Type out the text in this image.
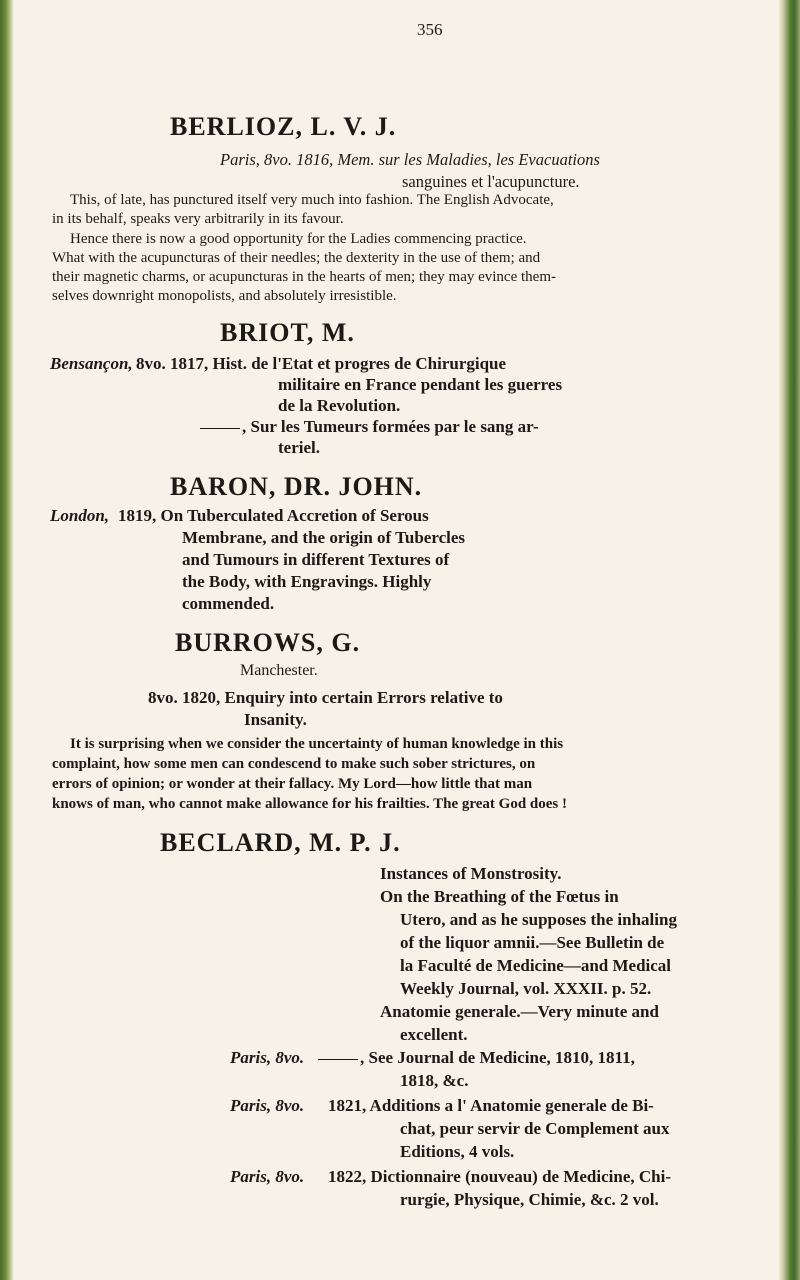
356
BERLIOZ, L. V. J.
Paris, 8vo. 1816, Mem. sur les Maladies, les Evacuations
sanguines et l'acupuncture.
This, of late, has punctured itself very much into fashion. The English Advocate,
in its behalf, speaks very arbitrarily in its favour.
Hence there is now a good opportunity for the Ladies commencing practice.
What with the acupuncturas of their needles; the dexterity in the use of them; and
their magnetic charms, or acupuncturas in the hearts of men; they may evince them-
selves downright monopolists, and absolutely irresistible.
BRIOT, M.
Bensançon, 8vo. 1817, Hist. de l'Etat et progres de Chirurgique
militaire en France pendant les guerres
de la Revolution.
, Sur les Tumeurs formées par le sang ar-
teriel.
BARON, DR. JOHN.
London, 1819, On Tuberculated Accretion of Serous
Membrane, and the origin of Tubercles
and Tumours in different Textures of
the Body, with Engravings. Highly
commended.
BURROWS, G.
Manchester.
8vo. 1820, Enquiry into certain Errors relative to
Insanity.
It is surprising when we consider the uncertainty of human knowledge in this
complaint, how some men can condescend to make such sober strictures, on
errors of opinion; or wonder at their fallacy. My Lord—how little that man
knows of man, who cannot make allowance for his frailties. The great God does !
BECLARD, M. P. J.
Instances of Monstrosity.
On the Breathing of the Fœtus in
Utero, and as he supposes the inhaling
of the liquor amnii.—See Bulletin de
la Faculté de Medicine—and Medical
Weekly Journal, vol. XXXII. p. 52.
Anatomie generale.—Very minute and
excellent.
Paris, 8vo.	, See Journal de Medicine, 1810, 1811,
1818, &c.
Paris, 8vo. 1821, Additions a l' Anatomie generale de Bi-
chat, peur servir de Complement aux
Editions, 4 vols.
Paris, 8vo. 1822, Dictionnaire (nouveau) de Medicine, Chi-
rurgie, Physique, Chimie, &c. 2 vol.
